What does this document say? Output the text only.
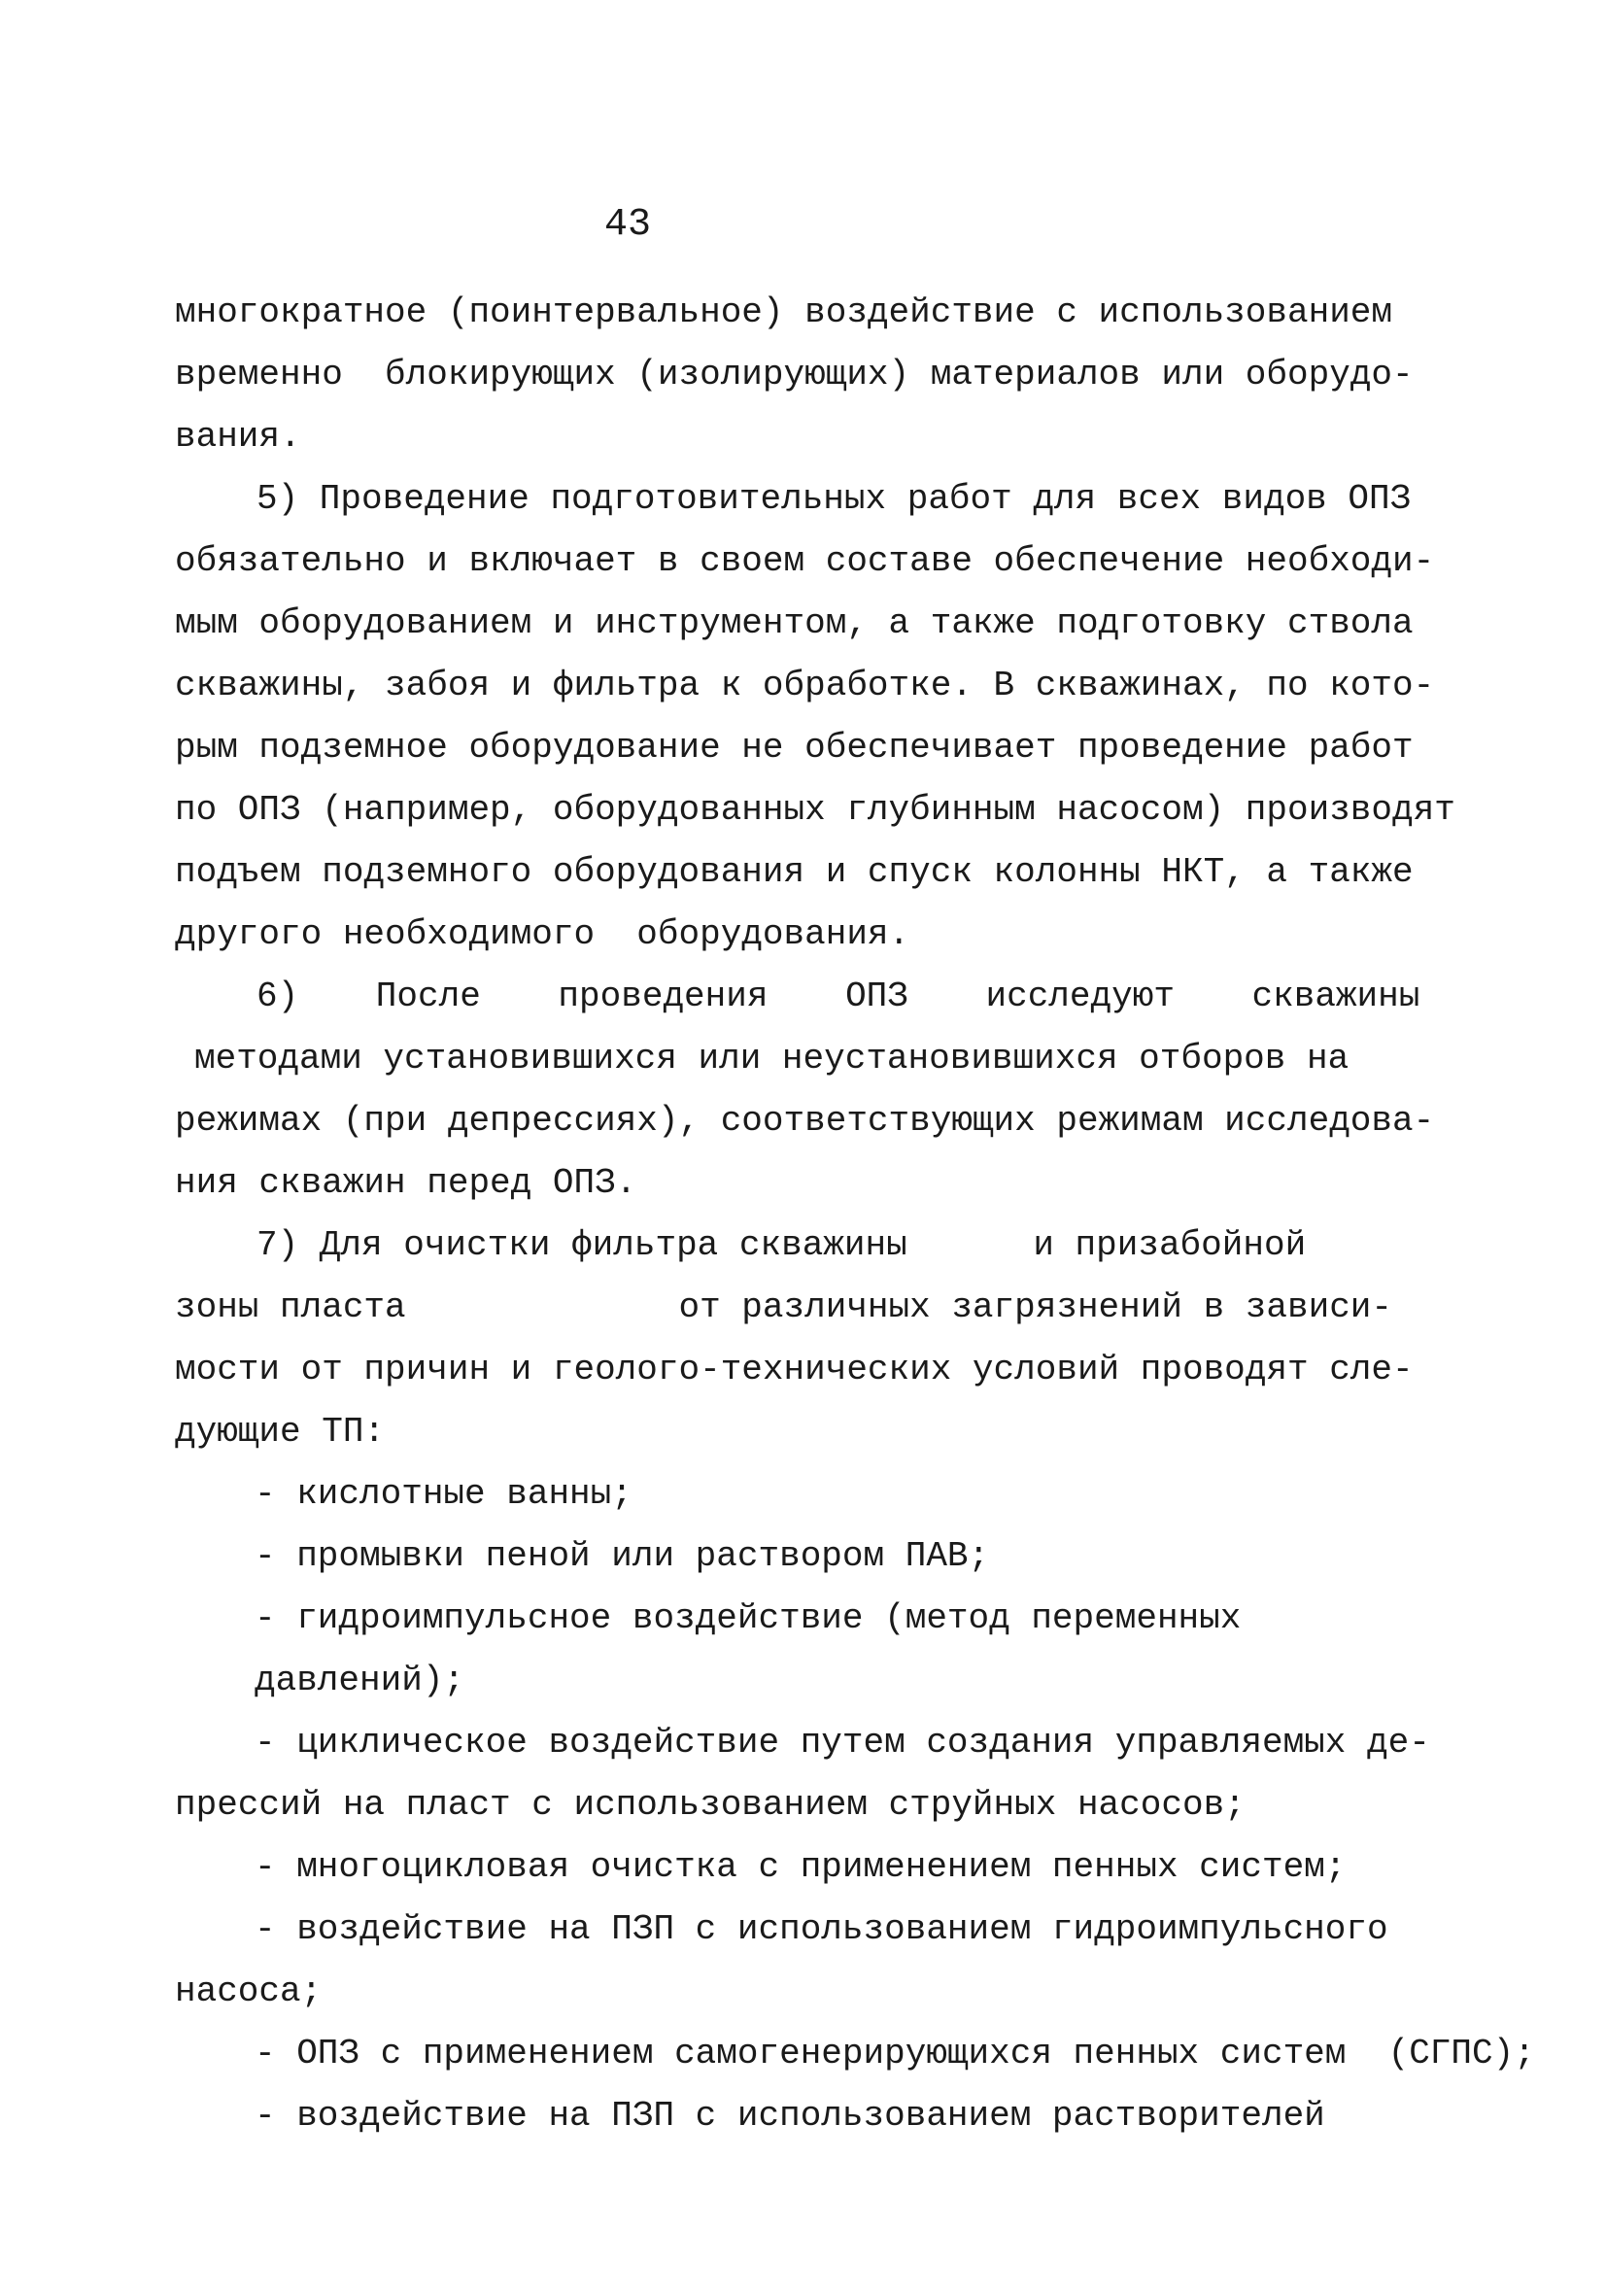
43

многократное (поинтервальное) воздействие с использованием

временно  блокирующих (изолирующих) материалов или оборудо-

вания.

5) Проведение подготовительных работ для всех видов ОПЗ

обязательно и включает в своем составе обеспечение необходи-

мым оборудованием и инструментом, а также подготовку ствола

скважины, забоя и фильтра к обработке. В скважинах, по кото-

рым подземное оборудование не обеспечивает проведение работ

по ОПЗ (например, оборудованных глубинным насосом) производят

подъем подземного оборудования и спуск колонны НКТ, а также

другого необходимого  оборудования.

6) После проведения ОПЗ исследуют скважины

методами установившихся или неустановившихся отборов на

режимах (при депрессиях), соответствующих режимам исследова-

ния скважин перед ОПЗ.

7) Для очистки фильтра скважины      и призабойной

зоны пласта             от различных загрязнений в зависи-

мости от причин и геолого-технических условий проводят сле-

дующие ТП:

- кислотные ванны;

- промывки пеной или раствором ПАВ;

- гидроимпульсное воздействие (метод переменных давлений);

- циклическое воздействие путем создания управляемых де-

прессий на пласт с использованием струйных насосов;

- многоцикловая очистка с применением пенных систем;

- воздействие на ПЗП с использованием гидроимпульсного

насоса;

- ОПЗ с применением самогенерирующихся пенных систем  (СГПС);

- воздействие на ПЗП с использованием растворителей
